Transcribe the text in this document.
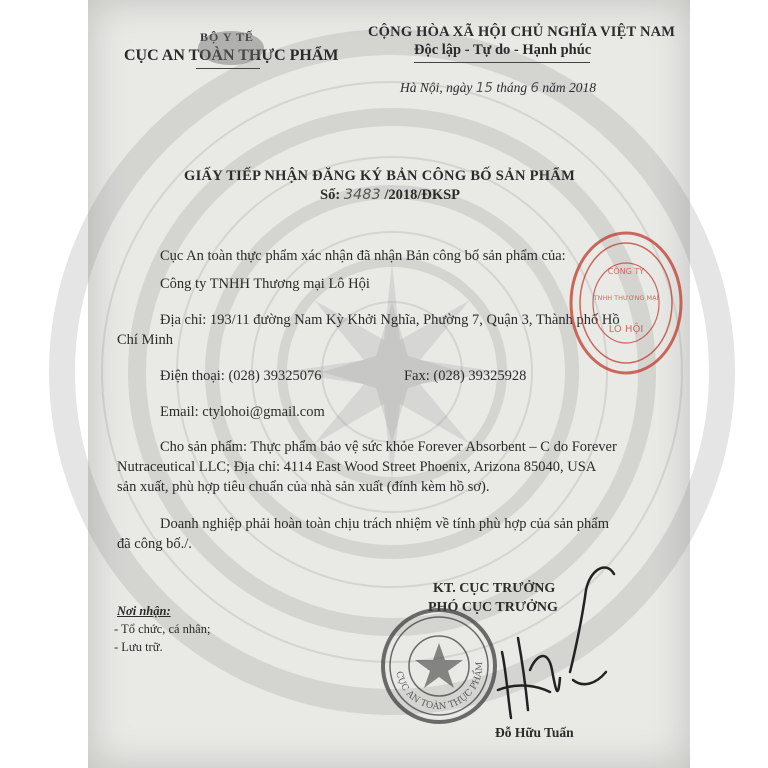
BỘ Y TẾ
CỤC AN TOÀN THỰC PHẨM
CỘNG HÒA XÃ HỘI CHỦ NGHĨA VIỆT NAM
Độc lập - Tự do - Hạnh phúc
Hà Nội, ngày 15 tháng 6 năm 2018
GIẤY TIẾP NHẬN ĐĂNG KÝ BẢN CÔNG BỐ SẢN PHẨM
Số: 3483 /2018/ĐKSP
Cục An toàn thực phẩm xác nhận đã nhận Bản công bố sản phẩm của:
Công ty TNHH Thương mại Lô Hội
Địa chỉ: 193/11 đường Nam Kỳ Khởi Nghĩa, Phường 7, Quận 3, Thành phố Hồ
Chí Minh
Điện thoại: (028) 39325076	Fax: (028) 39325928
Email: ctylohoi@gmail.com
Cho sản phẩm: Thực phẩm bảo vệ sức khỏe Forever Absorbent – C do Forever
Nutraceutical LLC; Địa chỉ: 4114 East Wood Street Phoenix, Arizona 85040, USA
sản xuất, phù hợp tiêu chuẩn của nhà sản xuất (đính kèm hồ sơ).
Doanh nghiệp phải hoàn toàn chịu trách nhiệm về tính phù hợp của sản phẩm
đã công bố./.
Nơi nhận:
- Tổ chức, cá nhân;
- Lưu trữ.
KT. CỤC TRƯỞNG
PHÓ CỤC TRƯỞNG
Đỗ Hữu Tuấn
CÔNG TY
TNHH THƯƠNG MẠI
LÔ HỘI
CỤC AN TOÀN THỰC PHẨM
